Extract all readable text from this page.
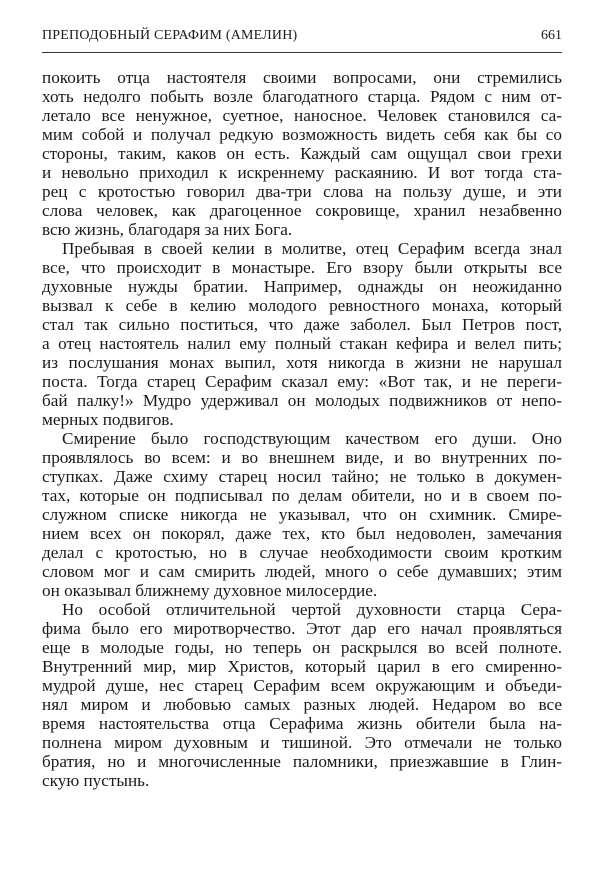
ПРЕПОДОБНЫЙ СЕРАФИМ (АМЕЛИН)	661
покоить отца настоятеля своими вопросами, они стремились
хоть недолго побыть возле благодатного старца. Рядом с ним от-
летало все ненужное, суетное, наносное. Человек становился са-
мим собой и получал редкую возможность видеть себя как бы со
стороны, таким, каков он есть. Каждый сам ощущал свои грехи
и невольно приходил к искреннему раскаянию. И вот тогда ста-
рец с кротостью говорил два-три слова на пользу душе, и эти
слова человек, как драгоценное сокровище, хранил незабвенно
всю жизнь, благодаря за них Бога.
Пребывая в своей келии в молитве, отец Серафим всегда знал
все, что происходит в монастыре. Его взору были открыты все
духовные нужды братии. Например, однажды он неожиданно
вызвал к себе в келию молодого ревностного монаха, который
стал так сильно поститься, что даже заболел. Был Петров пост,
а отец настоятель налил ему полный стакан кефира и велел пить;
из послушания монах выпил, хотя никогда в жизни не нарушал
поста. Тогда старец Серафим сказал ему: «Вот так, и не переги-
бай палку!» Мудро удерживал он молодых подвижников от непо-
мерных подвигов.
Смирение было господствующим качеством его души. Оно
проявлялось во всем: и во внешнем виде, и во внутренних по-
ступках. Даже схиму старец носил тайно; не только в докумен-
тах, которые он подписывал по делам обители, но и в своем по-
служном списке никогда не указывал, что он схимник. Смире-
нием всех он покорял, даже тех, кто был недоволен, замечания
делал с кротостью, но в случае необходимости своим кротким
словом мог и сам смирить людей, много о себе думавших; этим
он оказывал ближнему духовное милосердие.
Но особой отличительной чертой духовности старца Сера-
фима было его миротворчество. Этот дар его начал проявляться
еще в молодые годы, но теперь он раскрылся во всей полноте.
Внутренний мир, мир Христов, который царил в его смиренно-
мудрой душе, нес старец Серафим всем окружающим и объеди-
нял миром и любовью самых разных людей. Недаром во все
время настоятельства отца Серафима жизнь обители была на-
полнена миром духовным и тишиной. Это отмечали не только
братия, но и многочисленные паломники, приезжавшие в Глин-
скую пустынь.
